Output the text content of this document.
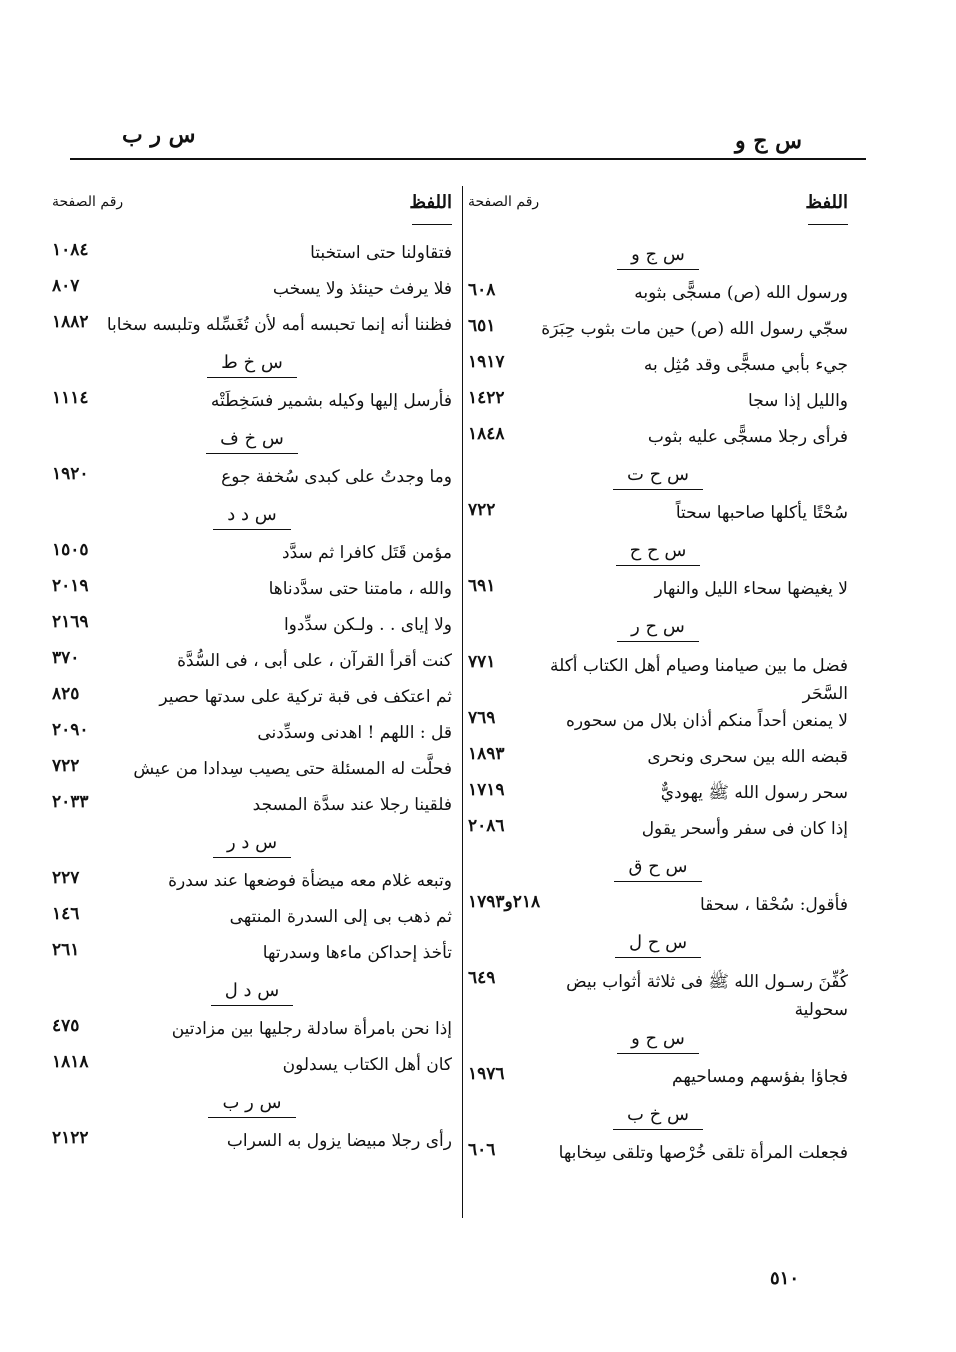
س ر ب	س ج و
اللفظ
رقم الصفحة
س ج و
ورسول الله (ص) مسجًّى بثوبه
٦٠٨
سجّي رسول الله (ص) حين مات بثوب حِبَرَة
٦٥١
جيء بأبي مسجًّى وقد مُثِل به
١٩١٧
والليل إذا سجا
١٤٢٢
فرأى رجلا مسجًّى عليه بثوب
١٨٤٨
س ح ت
سُحْتًا يأكلها صاحبها سحتاً
٧٢٢
س ح ح
لا يغيضها سحاء الليل والنهار
٦٩١
س ح ر
فضل ما بين صيامنا وصيام أهل الكتاب أكلة السَّحَر
٧٧١
لا يمنعن أحداً منكم أذان بلال من سحوره
٧٦٩
قبضه الله بين سحرى ونحرى
١٨٩٣
سحر رسول الله ﷺ يهوديٌّ
١٧١٩
إذا كان فى سفر وأسحر يقول
٢٠٨٦
س ح ق
فأقول: سُحْقا ، سحقا
٢١٨و١٧٩٣
س ح ل
كُفِّنَ رسـول الله ﷺ فى ثلاثة أثواب بيض سحولية
٦٤٩
س ح و
فجاؤا بفؤسهم ومساحيهم
١٩٧٦
س خ ب
فجعلت المرأة تلقى خُرْصها وتلقى سِخابها
٦٠٦
اللفظ
رقم الصفحة
فتقاولنا حتى استخبتا
١٠٨٤
فلا يرفث حينئذ ولا يسخب
٨٠٧
فظننا أنه إنما تحبسه أمه لأن تُغَسِّله وتلبسه سخابا
١٨٨٢
س خ ط
فأرسل إليها وكيله بشمير فسَخِطَتْه
١١١٤
س خ ف
وما وجدتُ على كبدى سُخفة جوع
١٩٢٠
س د د
مؤمن قَتَل كافرا ثم سدَّد
١٥٠٥
والله ، مامتنا حتى سدَّدناها
٢٠١٩
ولا إياى . . ولـكن سدِّدوا
٢١٦٩
كنت أقرأ القرآن ، على أبى ، فى السُّدَّة
٣٧٠
ثم اعتكف فى قبة تركية على سدتها حصير
٨٢٥
قل : اللهم ! اهدنى وسدِّدنى
٢٠٩٠
فحلَّت له المسئلة حتى يصيب سِدادا من عيش
٧٢٢
فلقينا رجلا عند سدَّة المسجد
٢٠٣٣
س د ر
وتبعه غلام معه ميضأة فوضعها عند سدرة
٢٢٧
ثم ذهب بى إلى السدرة المنتهى
١٤٦
تأخذ إحداكن ماءها وسدرتها
٢٦١
س د ل
إذا نحن بامرأة سادلة رجليها بين مزادتين
٤٧٥
كان أهل الكتاب يسدلون
١٨١٨
س ر ب
رأى رجلا مبيضا يزول به السراب
٢١٢٢
٥١٠
